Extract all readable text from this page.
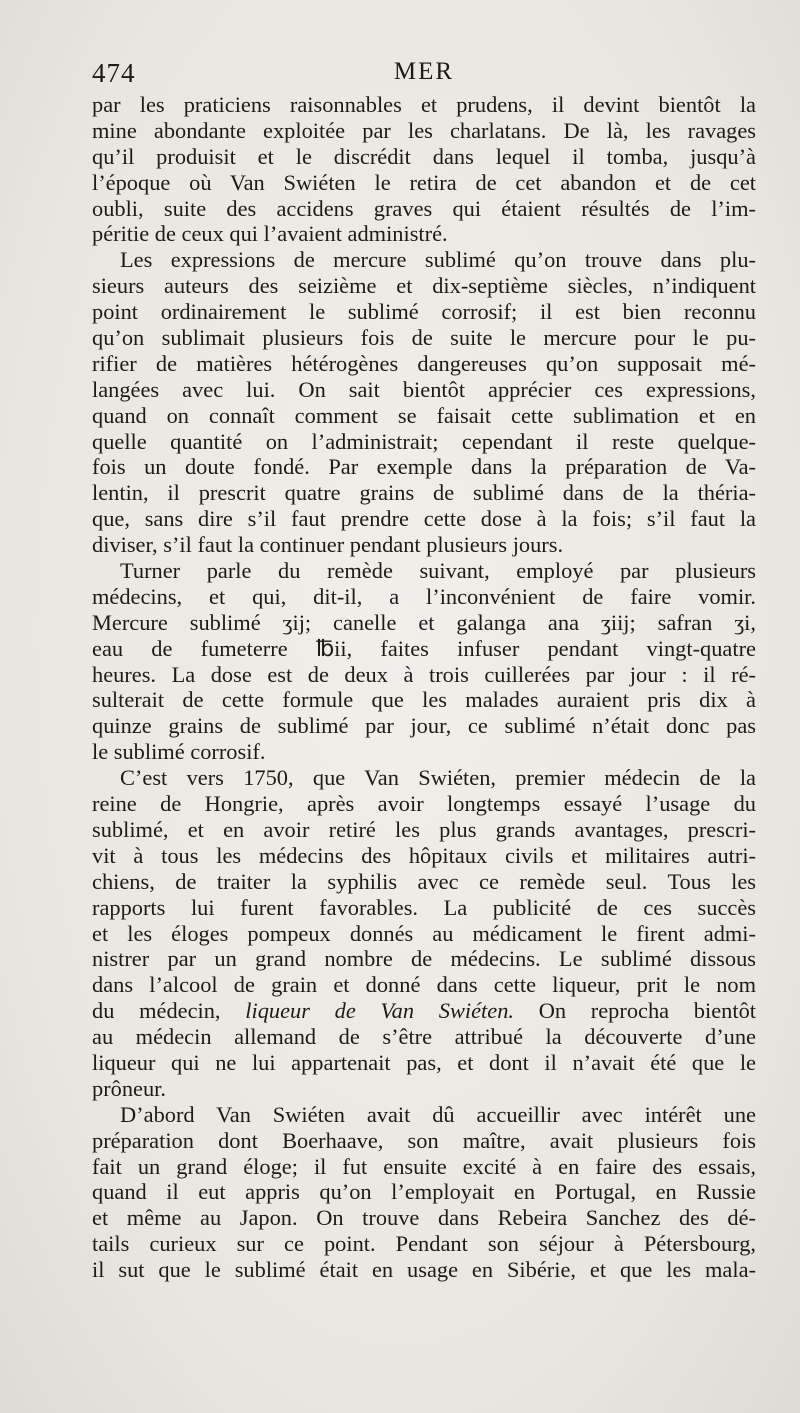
474	MER
par les praticiens raisonnables et prudens, il devint bientôt la
mine abondante exploitée par les charlatans. De là, les ravages
qu’il produisit et le discrédit dans lequel il tomba, jusqu’à
l’époque où Van Swiéten le retira de cet abandon et de cet
oubli, suite des accidens graves qui étaient résultés de l’im-
péritie de ceux qui l’avaient administré.
Les expressions de mercure sublimé qu’on trouve dans plu-
sieurs auteurs des seizième et dix-septième siècles, n’indiquent
point ordinairement le sublimé corrosif; il est bien reconnu
qu’on sublimait plusieurs fois de suite le mercure pour le pu-
rifier de matières hétérogènes dangereuses qu’on supposait mé-
langées avec lui. On sait bientôt apprécier ces expressions,
quand on connaît comment se faisait cette sublimation et en
quelle quantité on l’administrait; cependant il reste quelque-
fois un doute fondé. Par exemple dans la préparation de Va-
lentin, il prescrit quatre grains de sublimé dans de la théria-
que, sans dire s’il faut prendre cette dose à la fois; s’il faut la
diviser, s’il faut la continuer pendant plusieurs jours.
Turner parle du remède suivant, employé par plusieurs
médecins, et qui, dit-il, a l’inconvénient de faire vomir.
Mercure sublimé ʒij; canelle et galanga ana ʒiij; safran ʒi,
eau de fumeterre ℔ii, faites infuser pendant vingt-quatre
heures. La dose est de deux à trois cuillerées par jour : il ré-
sulterait de cette formule que les malades auraient pris dix à
quinze grains de sublimé par jour, ce sublimé n’était donc pas
le sublimé corrosif.
C’est vers 1750, que Van Swiéten, premier médecin de la
reine de Hongrie, après avoir longtemps essayé l’usage du
sublimé, et en avoir retiré les plus grands avantages, prescri-
vit à tous les médecins des hôpitaux civils et militaires autri-
chiens, de traiter la syphilis avec ce remède seul. Tous les
rapports lui furent favorables. La publicité de ces succès
et les éloges pompeux donnés au médicament le firent admi-
nistrer par un grand nombre de médecins. Le sublimé dissous
dans l’alcool de grain et donné dans cette liqueur, prit le nom
du médecin, liqueur de Van Swiéten. On reprocha bientôt
au médecin allemand de s’être attribué la découverte d’une
liqueur qui ne lui appartenait pas, et dont il n’avait été que le
prôneur.
D’abord Van Swiéten avait dû accueillir avec intérêt une
préparation dont Boerhaave, son maître, avait plusieurs fois
fait un grand éloge; il fut ensuite excité à en faire des essais,
quand il eut appris qu’on l’employait en Portugal, en Russie
et même au Japon. On trouve dans Rebeira Sanchez des dé-
tails curieux sur ce point. Pendant son séjour à Pétersbourg,
il sut que le sublimé était en usage en Sibérie, et que les mala-
